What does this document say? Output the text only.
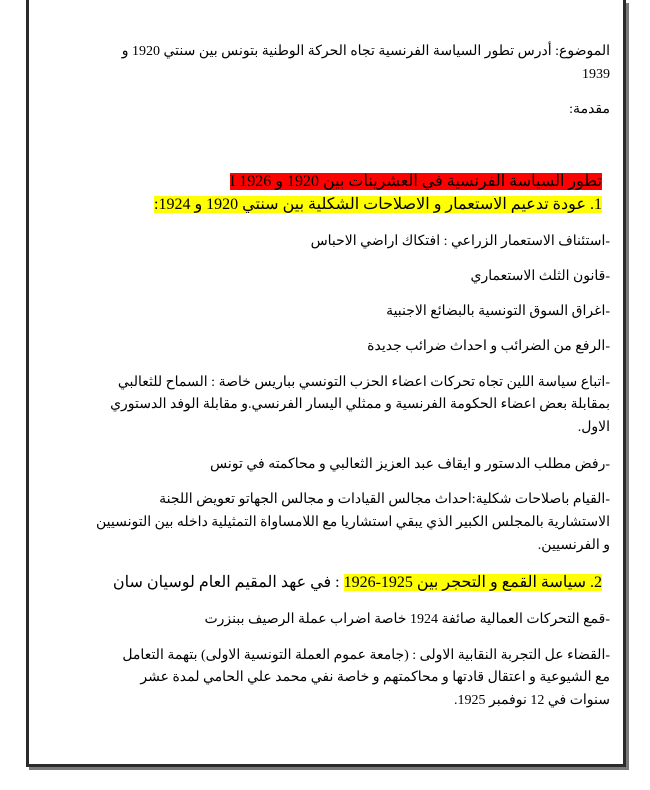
الموضوع: أدرس تطور السياسة الفرنسية تجاه الحركة الوطنية بتونس بين سنتي 1920 و
1939
مقدمة:
I تطور السياسة الفرنسية في العشرينات بين 1920 و 1926
1. عودة تدعيم الاستعمار و الاصلاحات الشكلية بين سنتي 1920 و 1924:
-استئناف الاستعمار الزراعي : افتكاك اراضي الاحباس
-قانون الثلث الاستعماري
-اغراق السوق التونسية بالبضائع الاجنبية
-الرفع من الضرائب و احداث ضرائب جديدة
-اتباع سياسة اللين تجاه تحركات اعضاء الحزب التونسي بباريس خاصة : السماح للثعالبي
بمقابلة بعض اعضاء الحكومة الفرنسية و ممثلي اليسار الفرنسي.و مقابلة الوفد الدستوري
الاول.
-رفض مطلب الدستور و ايقاف عبد العزيز الثعالبي و محاكمته في تونس
-القيام باصلاحات شكلية:احداث مجالس القيادات و مجالس الجهاتو تعويض اللجنة
الاستشارية بالمجلس الكبير الذي يبقي استشاريا مع اللامساواة التمثيلية داخله بين التونسيين
و الفرنسيين.
2. سياسة القمع و التحجر بين 1925-1926 : في عهد المقيم العام لوسيان سان
-قمع التحركات العمالية صائفة 1924 خاصة اضراب عملة الرصيف ببنزرت
-القضاء عل التجربة النقابية الاولى : (جامعة عموم العملة التونسية الاولى) بتهمة التعامل
مع الشيوعية و اعتقال قادتها و محاكمتهم و خاصة نفي محمد علي الحامي لمدة عشر
سنوات في 12 نوفمبر 1925.
